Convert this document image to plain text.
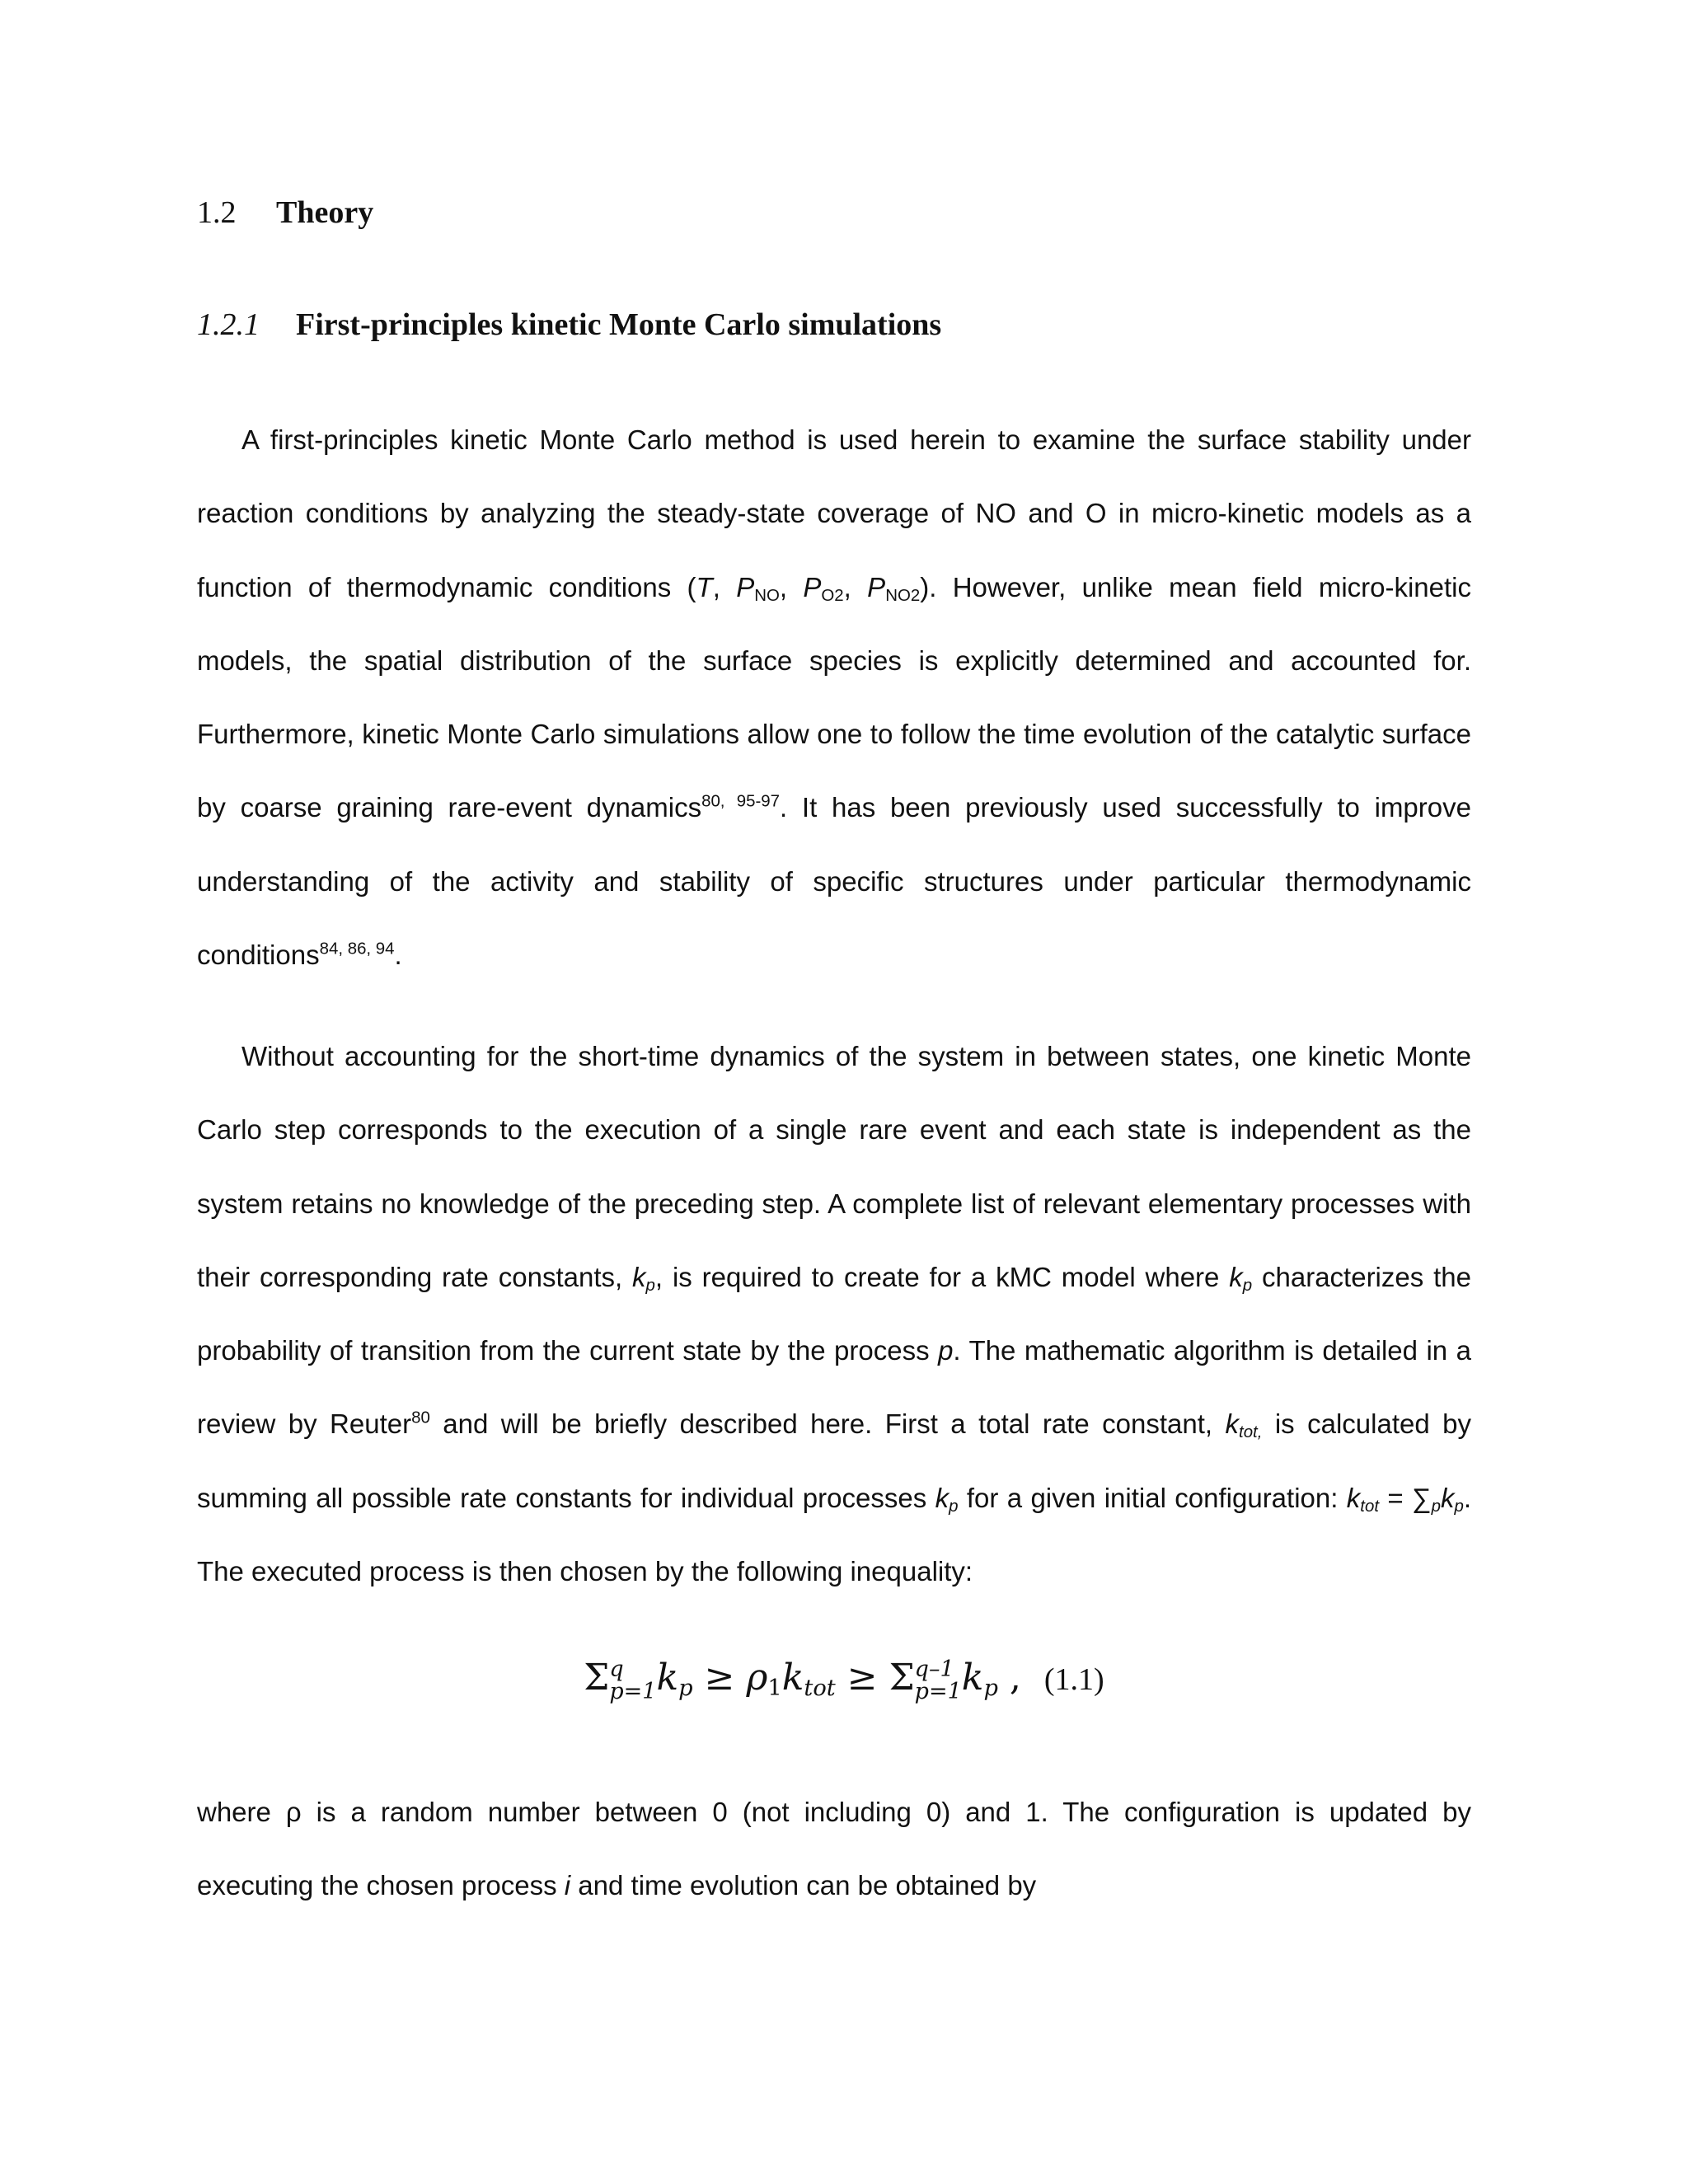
1.2 Theory
1.2.1 First-principles kinetic Monte Carlo simulations

A first-principles kinetic Monte Carlo method is used herein to examine the surface stability under reaction conditions by analyzing the steady-state coverage of NO and O in micro-kinetic models as a function of thermodynamic conditions (T, $P_{NO}$, $P_{O2}$, $P_{NO2}$). However, unlike mean field micro-kinetic models, the spatial distribution of the surface species is explicitly determined and accounted for. Furthermore, kinetic Monte Carlo simulations allow one to follow the time evolution of the catalytic surface by coarse graining rare-event dynamics$^{80, 95-97}$. It has been previously used successfully to improve understanding of the activity and stability of specific structures under particular thermodynamic conditions$^{84, 86, 94}$.

Without accounting for the short-time dynamics of the system in between states, one kinetic Monte Carlo step corresponds to the execution of a single rare event and each state is independent as the system retains no knowledge of the preceding step. A complete list of relevant elementary processes with their corresponding rate constants, $k_p$, is required to create for a kMC model where $k_p$ characterizes the probability of transition from the current state by the process p. The mathematic algorithm is detailed in a review by Reuter$^{80}$ and will be briefly described here. First a total rate constant, $k_{tot,}$ is calculated by summing all possible rate constants for individual processes $k_p$ for a given initial configuration: $k_{tot} = \sum_pk_p$. The executed process is then chosen by the following inequality:

Σ q
p=1 $k_p \ge \rho_1k_{tot} \ge \Sigma$ q–1
p=1 $k_p$ , (1.1)

where ρ is a random number between 0 (not including 0) and 1. The configuration is updated by executing the chosen process i and time evolution can be obtained by
